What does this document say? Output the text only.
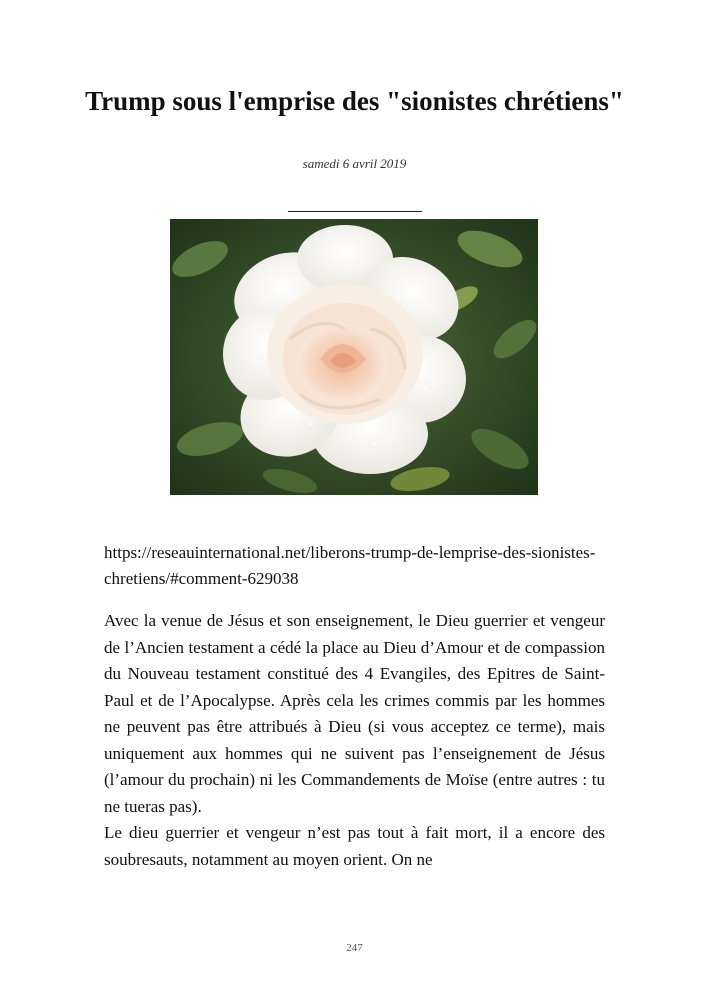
Trump sous l'emprise des "sionistes chrétiens"
samedi 6 avril 2019

https://reseauinternational.net/liberons-trump-de-lemprise-des-sionistes-chretiens/#comment-629038

Avec la venue de Jésus et son enseignement, le Dieu guerrier et vengeur de l’Ancien testament a cédé la place au Dieu d’Amour et de compassion du Nouveau testament constitué des 4 Evangiles, des Epitres de Saint-Paul et de l’Apocalypse. Après cela les crimes commis par les hommes ne peuvent pas être attribués à Dieu (si vous acceptez ce terme), mais uniquement aux hommes qui ne suivent pas l’enseignement de Jésus (l’amour du prochain) ni les Commandements de Moïse (entre autres : tu ne tueras pas).

Le dieu guerrier et vengeur n’est pas tout à fait mort, il a encore des soubresauts, notamment au moyen orient. On ne

247
